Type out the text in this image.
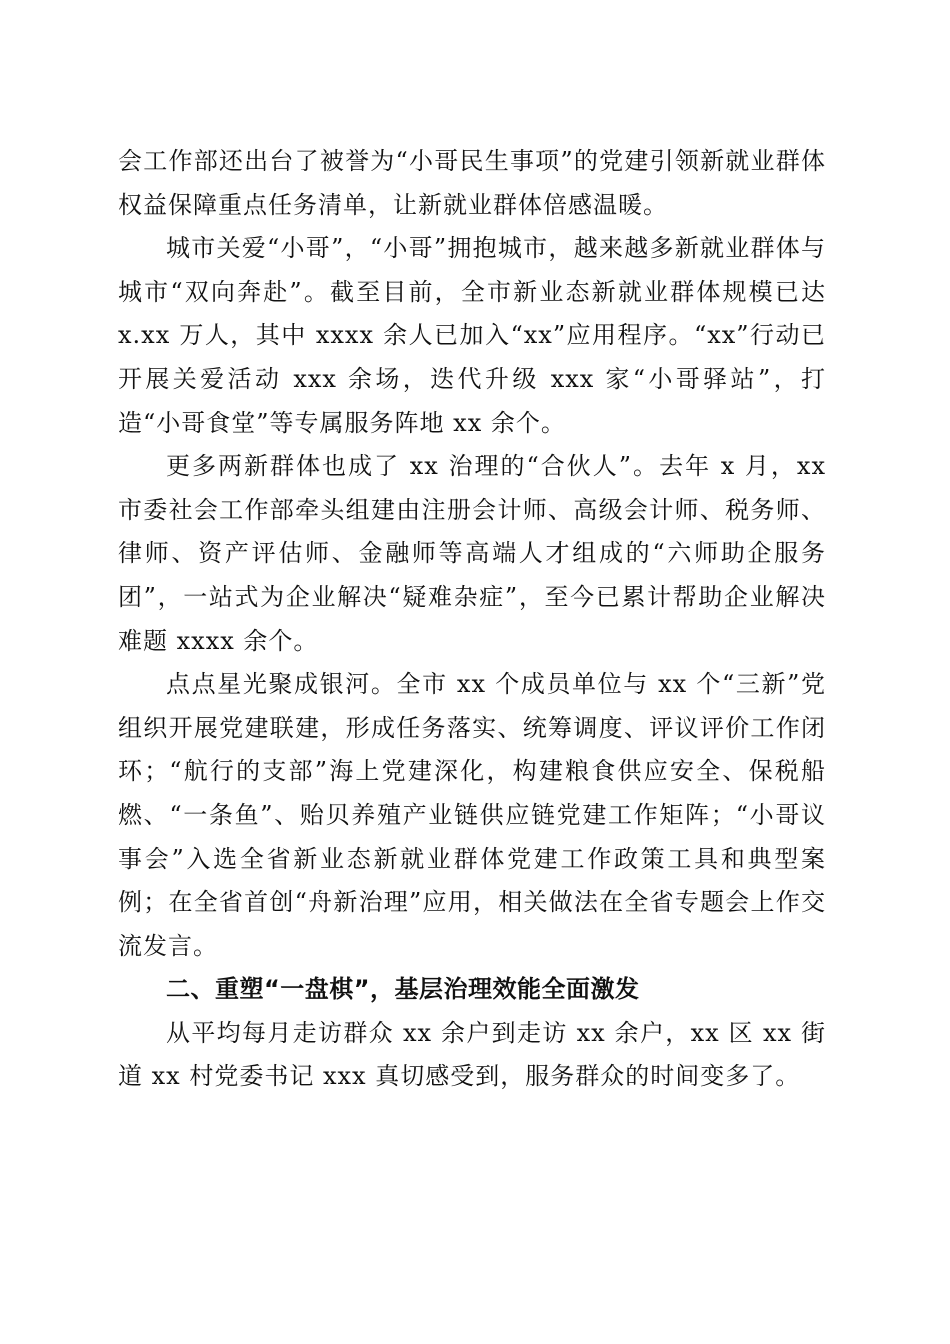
会工作部还出台了被誉为“小哥民生事项”的党建引领新就业群体权益保障重点任务清单，让新就业群体倍感温暖。

城市关爱“小哥”，“小哥”拥抱城市，越来越多新就业群体与城市“双向奔赴”。截至目前，全市新业态新就业群体规模已达 x.xx 万人，其中 xxxx 余人已加入“xx”应用程序。“xx”行动已开展关爱活动 xxx 余场，迭代升级 xxx 家“小哥驿站”，打造“小哥食堂”等专属服务阵地 xx 余个。

更多两新群体也成了 xx 治理的“合伙人”。去年 x 月，xx 市委社会工作部牵头组建由注册会计师、高级会计师、税务师、律师、资产评估师、金融师等高端人才组成的“六师助企服务团”，一站式为企业解决“疑难杂症”，至今已累计帮助企业解决难题 xxxx 余个。

点点星光聚成银河。全市 xx 个成员单位与 xx 个“三新”党组织开展党建联建，形成任务落实、统筹调度、评议评价工作闭环；“航行的支部”海上党建深化，构建粮食供应安全、保税船燃、“一条鱼”、贻贝养殖产业链供应链党建工作矩阵；“小哥议事会”入选全省新业态新就业群体党建工作政策工具和典型案例；在全省首创“舟新治理”应用，相关做法在全省专题会上作交流发言。

二、重塑“一盘棋”，基层治理效能全面激发

从平均每月走访群众 xx 余户到走访 xx 余户，xx 区 xx 街道 xx 村党委书记 xxx 真切感受到，服务群众的时间变多了。
